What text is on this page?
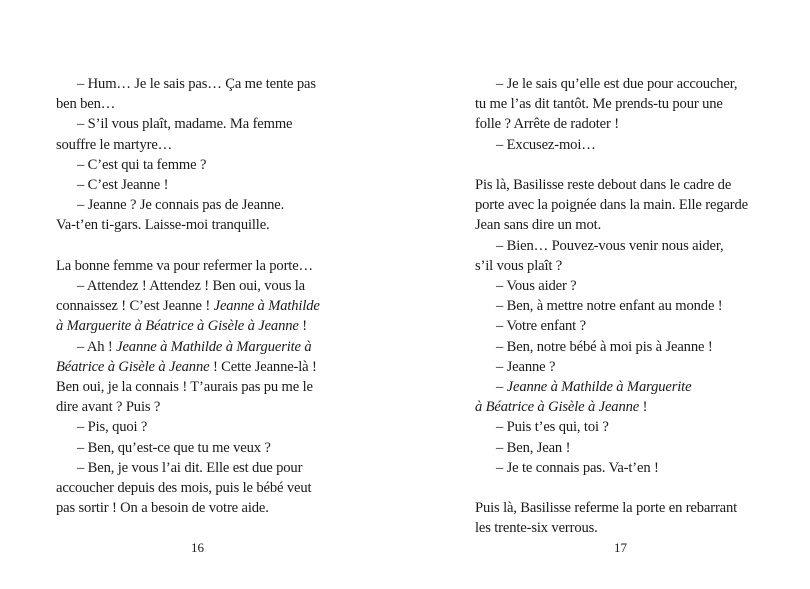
– Hum… Je le sais pas… Ça me tente pas
ben ben…

– S’il vous plaît, madame. Ma femme
souffre le martyre…

– C’est qui ta femme ?

– C’est Jeanne !

– Jeanne ? Je connais pas de Jeanne.
Va-t’en ti-gars. Laisse-moi tranquille.

La bonne femme va pour refermer la porte…

– Attendez ! Attendez ! Ben oui, vous la
connaissez ! C’est Jeanne ! Jeanne à Mathilde
à Marguerite à Béatrice à Gisèle à Jeanne !

– Ah ! Jeanne à Mathilde à Marguerite à
Béatrice à Gisèle à Jeanne ! Cette Jeanne-là !
Ben oui, je la connais ! T’aurais pas pu me le
dire avant ? Puis ?

– Pis, quoi ?

– Ben, qu’est-ce que tu me veux ?

– Ben, je vous l’ai dit. Elle est due pour
accoucher depuis des mois, puis le bébé veut
pas sortir ! On a besoin de votre aide.

16

– Je le sais qu’elle est due pour accoucher,
tu me l’as dit tantôt. Me prends-tu pour une
folle ? Arrête de radoter !

– Excusez-moi…

Pis là, Basilisse reste debout dans le cadre de
porte avec la poignée dans la main. Elle regarde
Jean sans dire un mot.

– Bien… Pouvez-vous venir nous aider,
s’il vous plaît ?

– Vous aider ?

– Ben, à mettre notre enfant au monde !

– Votre enfant ?

– Ben, notre bébé à moi pis à Jeanne !

– Jeanne ?

– Jeanne à Mathilde à Marguerite
à Béatrice à Gisèle à Jeanne !

– Puis t’es qui, toi ?

– Ben, Jean !

– Je te connais pas. Va-t’en !

Puis là, Basilisse referme la porte en rebarrant
les trente-six verrous.

17
